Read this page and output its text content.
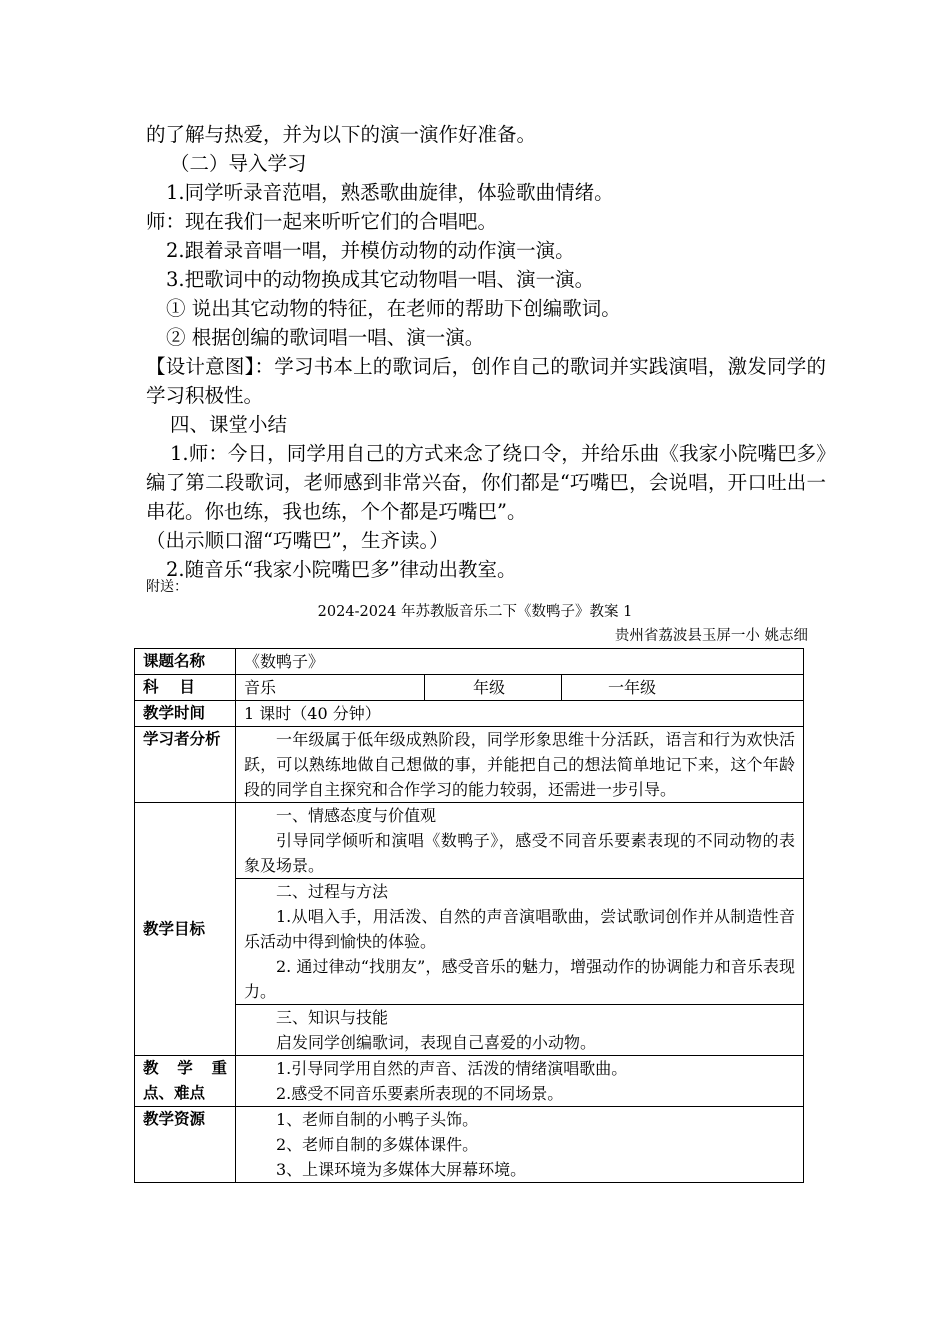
的了解与热爱，并为以下的演一演作好准备。
（二）导入学习
1.同学听录音范唱，熟悉歌曲旋律，体验歌曲情绪。
师：现在我们一起来听听它们的合唱吧。
2.跟着录音唱一唱，并模仿动物的动作演一演。
3.把歌词中的动物换成其它动物唱一唱、演一演。
① 说出其它动物的特征，在老师的帮助下创编歌词。
② 根据创编的歌词唱一唱、演一演。
【设计意图】：学习书本上的歌词后，创作自己的歌词并实践演唱，激发同学的学习积极性。
四、课堂小结
1.师：今日，同学用自己的方式来念了绕口令，并给乐曲《我家小院嘴巴多》编了第二段歌词，老师感到非常兴奋，你们都是“巧嘴巴，会说唱，开口吐出一串花。你也练，我也练，个个都是巧嘴巴”。
（出示顺口溜“巧嘴巴”，生齐读。）
2.随音乐“我家小院嘴巴多”律动出教室。
附送：
2024-2024 年苏教版音乐二下《数鸭子》教案 1
贵州省荔波县玉屏一小 姚志细
课题名称	《数鸭子》		
科　 目	音乐	年级	一年级
教学时间	1 课时（40 分钟）		
学习者分析	一年级属于低年级成熟阶段，同学形象思维十分活跃，语言和行为欢快活跃，可以熟练地做自己想做的事，并能把自己的想法简单地记下来，这个年龄段的同学自主探究和合作学习的能力较弱，还需进一步引导。		
教学目标	一、情感态度与价值观
引导同学倾听和演唱《数鸭子》，感受不同音乐要素表现的不同动物的表象及场景。		

	二、过程与方法
1.从唱入手，用活泼、自然的声音演唱歌曲，尝试歌词创作并从制造性音乐活动中得到愉快的体验。
2. 通过律动“找朋友”，感受音乐的魅力，增强动作的协调能力和音乐表现力。		

	三、知识与技能
启发同学创编歌词，表现自己喜爱的小动物。		

教 学 重 点、难点	1.引导同学用自然的声音、活泼的情绪演唱歌曲。
2.感受不同音乐要素所表现的不同场景。		

教学资源	1、老师自制的小鸭子头饰。
2、老师自制的多媒体课件。
3、上课环境为多媒体大屏幕环境。		
